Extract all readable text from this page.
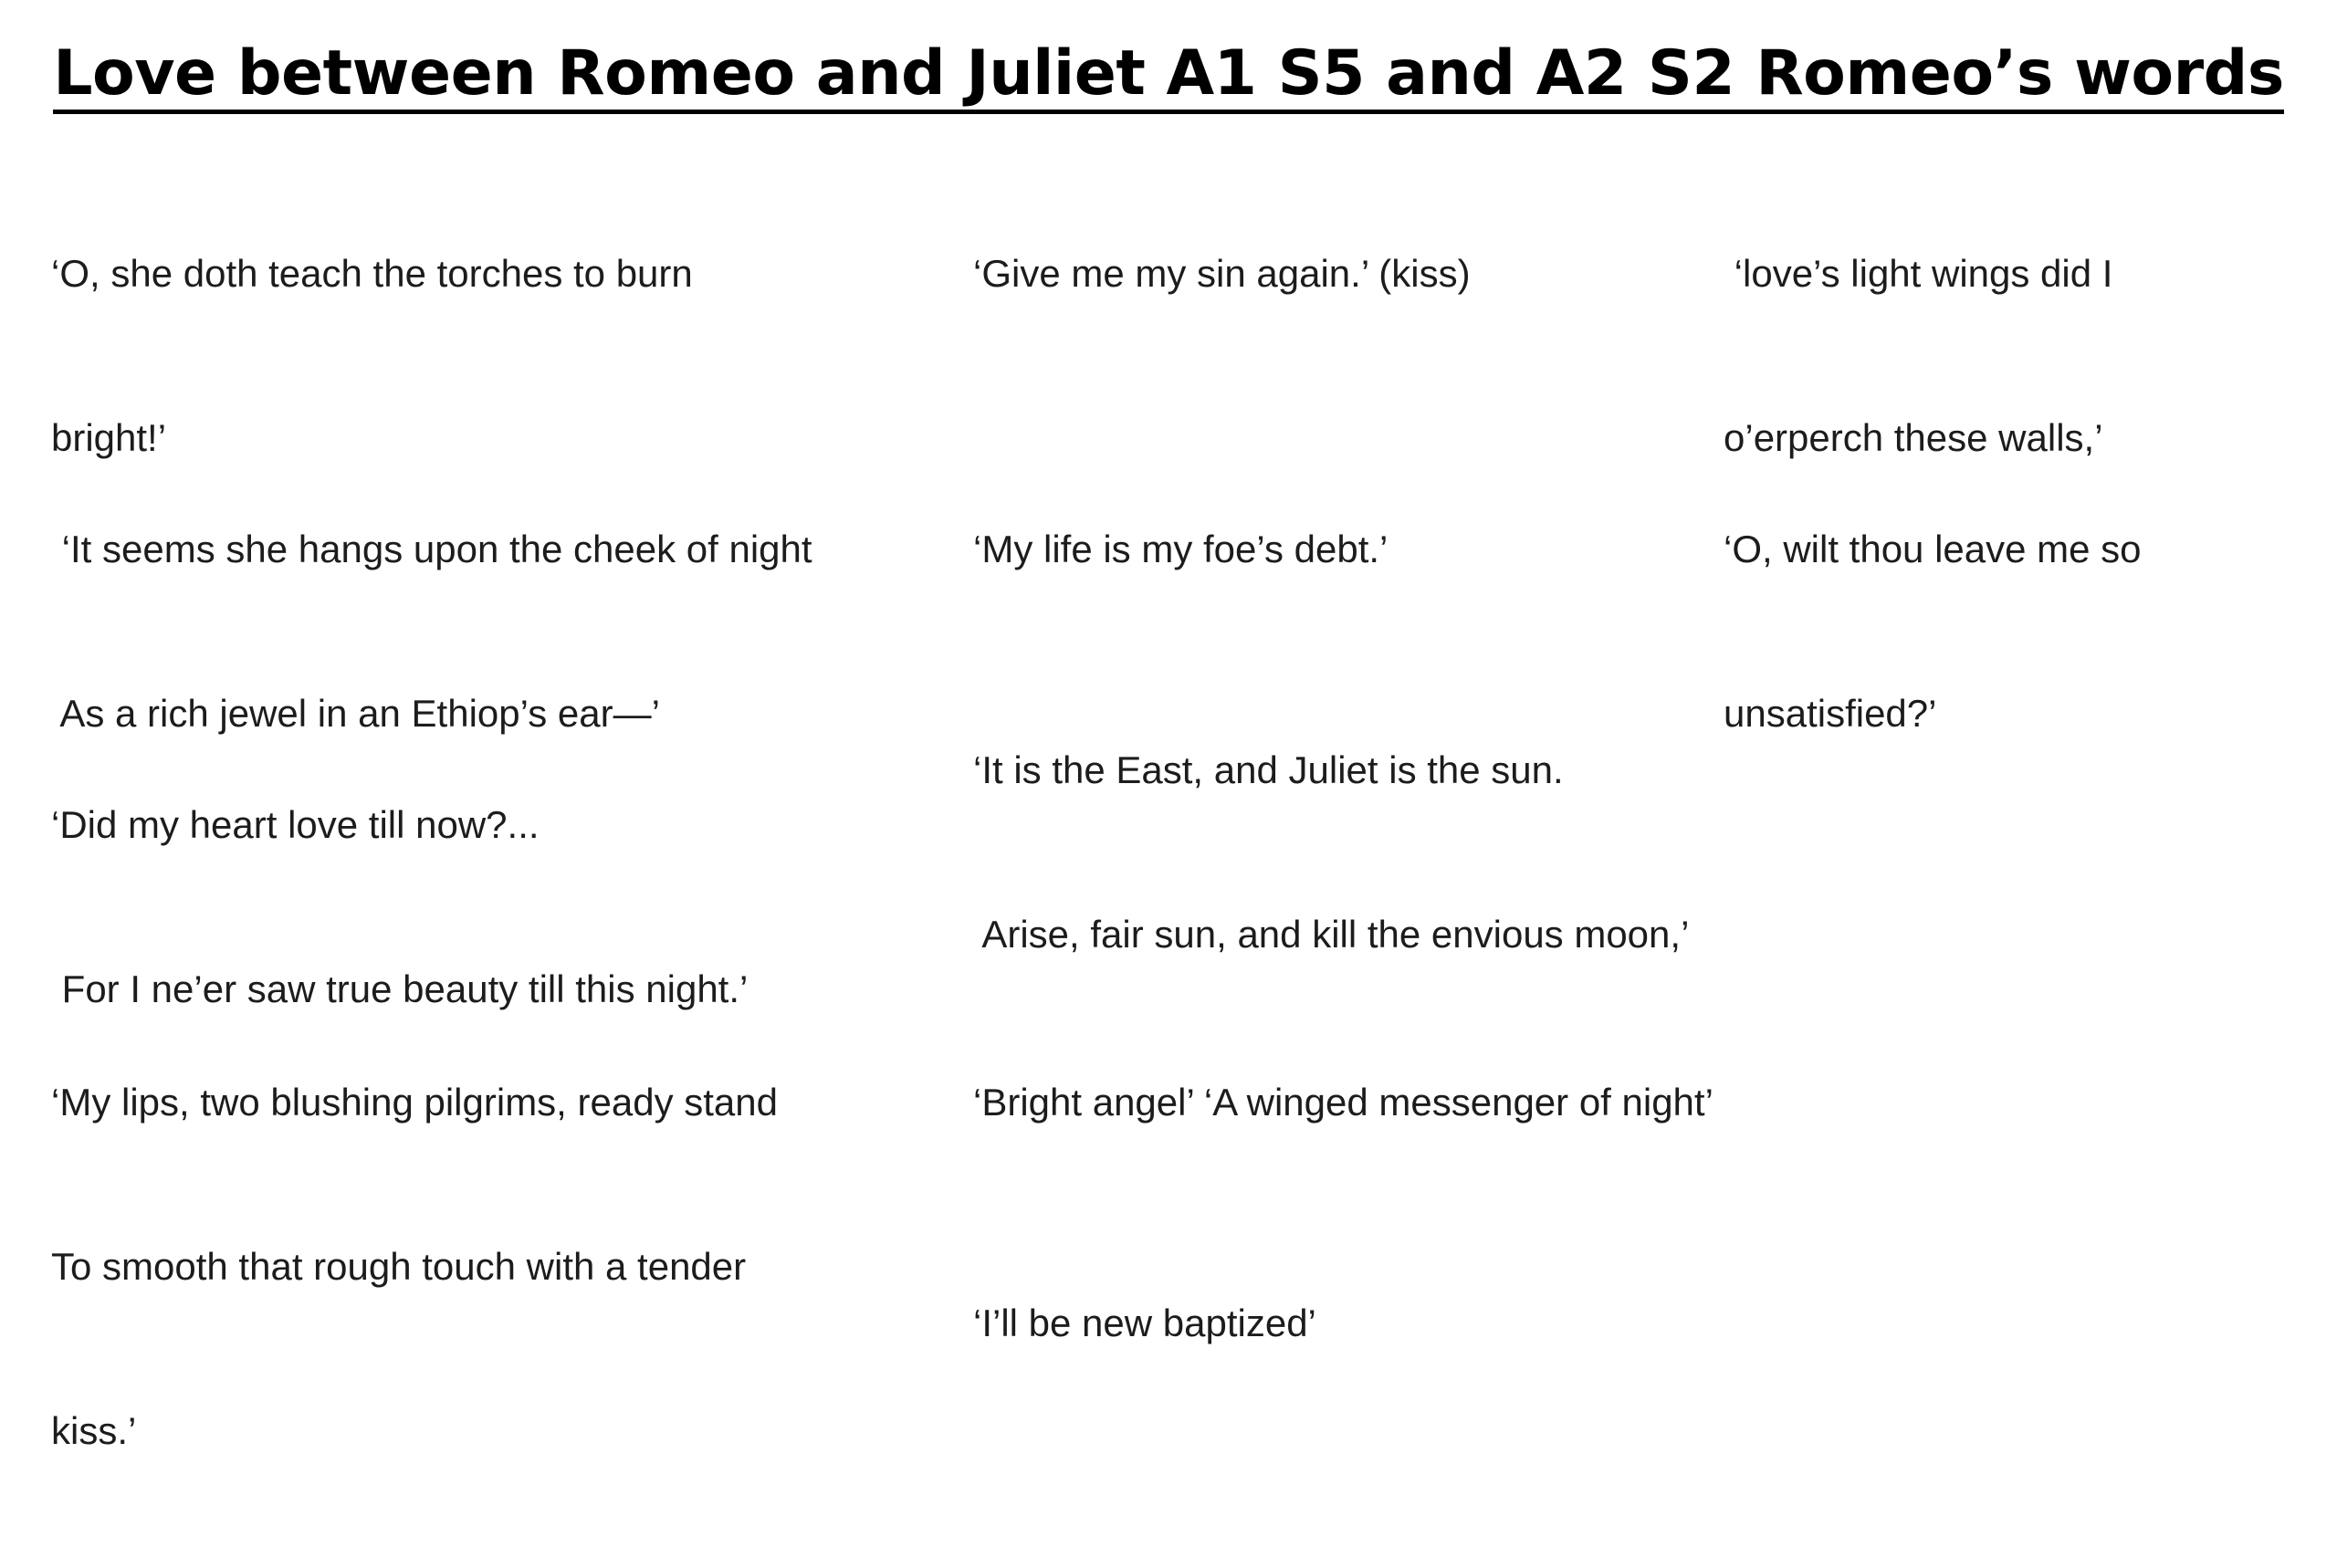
Love between Romeo and Juliet A1 S5 and A2 S2 Romeo’s words

‘O, she doth teach the torches to burn

bright!’

‘It seems she hangs upon the cheek of night

As a rich jewel in an Ethiop’s ear—’

‘Did my heart love till now?...

For I ne’er saw true beauty till this night.’

‘My lips, two blushing pilgrims, ready stand

To smooth that rough touch with a tender

kiss.’

‘Give me my sin again.’ (kiss)

‘My life is my foe’s debt.’

‘It is the East, and Juliet is the sun.

Arise, fair sun, and kill the envious moon,’

‘Bright angel’ ‘A winged messenger of night’

‘I’ll be new baptized’

‘love’s light wings did I

o’erperch these walls,’

‘O, wilt thou leave me so

unsatisfied?’
